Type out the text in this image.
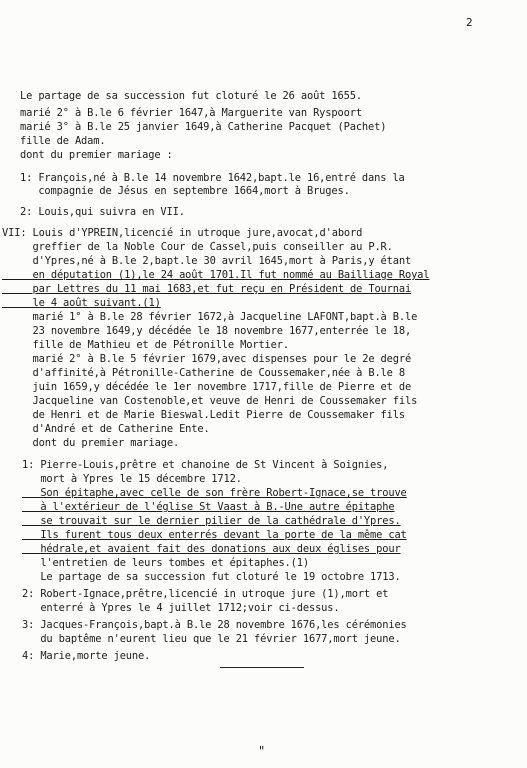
2
Le partage de sa succession fut cloturé le 26 août 1655.
marié 2° à B.le 6 février 1647,à Marguerite van Ryspoort
marié 3° à B.le 25 janvier 1649,à Catherine Pacquet (Pachet)
fille de Adam.
dont du premier mariage :
1: François,né à B.le 14 novembre 1642,bapt.le 16,entré dans la
compagnie de Jésus en septembre 1664,mort à Bruges.
2: Louis,qui suivra en VII.
VII: Louis d'YPREIN,licencié in utroque jure,avocat,d'abord
greffier de la Noble Cour de Cassel,puis conseiller au P.R.
d'Ypres,né à B.le 2,bapt.le 30 avril 1645,mort à Paris,y étant
en députation (1),le 24 août 1701.Il fut nommé au Bailliage Royal
par Lettres du 11 mai 1683,et fut reçu en Président de Tournai
le 4 août suivant.(1)
marié 1° à B.le 28 février 1672,à Jacqueline LAFONT,bapt.à B.le
23 novembre 1649,y décédée le 18 novembre 1677,enterrée le 18,
fille de Mathieu et de Pétronille Mortier.
marié 2° à B.le 5 février 1679,avec dispenses pour le 2e degré
d'affinité,à Pétronille-Catherine de Coussemaker,née à B.le 8
juin 1659,y décédée le 1er novembre 1717,fille de Pierre et de
Jacqueline van Costenoble,et veuve de Henri de Coussemaker fils
de Henri et de Marie Bieswal.Ledit Pierre de Coussemaker fils
d'André et de Catherine Ente.
dont du premier mariage.
1: Pierre-Louis,prêtre et chanoine de St Vincent à Soignies,
mort à Ypres le 15 décembre 1712.
Son épitaphe,avec celle de son frère Robert-Ignace,se trouve
à l'extérieur de l'église St Vaast à B.-Une autre épitaphe
se trouvait sur le dernier pilier de la cathédrale d'Ypres.
Ils furent tous deux enterrés devant la porte de la même cat
hédrale,et avaient fait des donations aux deux églises pour
l'entretien de leurs tombes et épitaphes.(1)
Le partage de sa succession fut cloturé le 19 octobre 1713.
2: Robert-Ignace,prêtre,licencié in utroque jure (1),mort et
enterré à Ypres le 4 juillet 1712;voir ci-dessus.
3: Jacques-François,bapt.à B.le 28 novembre 1676,les cérémonies
du baptême n'eurent lieu que le 21 février 1677,mort jeune.
4: Marie,morte jeune.
"
